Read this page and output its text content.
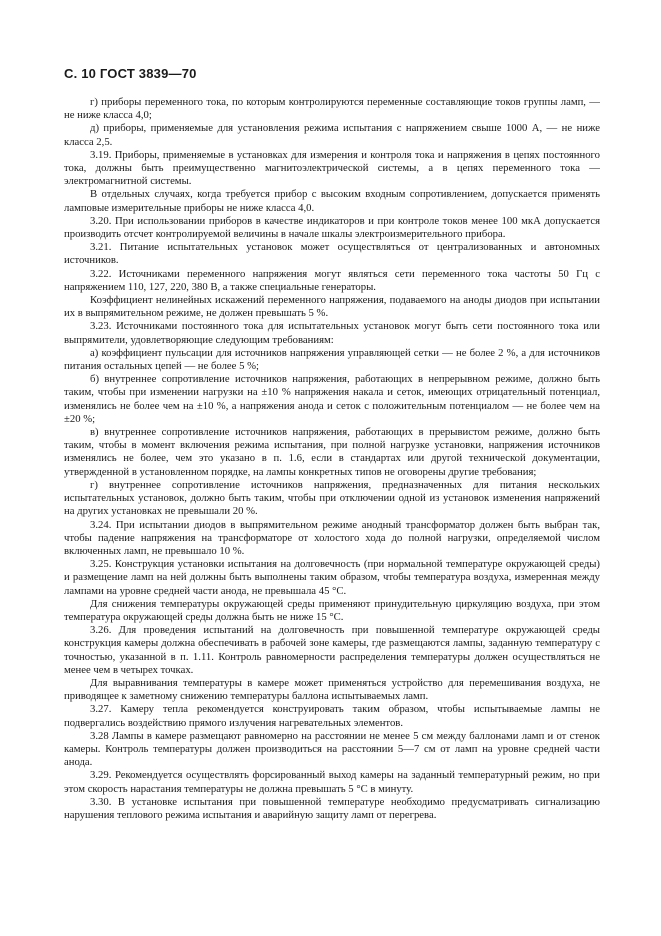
С. 10 ГОСТ 3839—70

г) приборы переменного тока, по которым контролируются переменные составляющие токов группы ламп, — не ниже класса 4,0;

д) приборы, применяемые для установления режима испытания с напряжением свыше 1000 А, — не ниже класса 2,5.

3.19. Приборы, применяемые в установках для измерения и контроля тока и напряжения в цепях постоянного тока, должны быть преимущественно магнитоэлектрической системы, а в цепях переменного тока — электромагнитной системы.

В отдельных случаях, когда требуется прибор с высоким входным сопротивлением, допускается применять ламповые измерительные приборы не ниже класса 4,0.

3.20. При использовании приборов в качестве индикаторов и при контроле токов менее 100 мкА допускается производить отсчет контролируемой величины в начале шкалы электроизмерительного прибора.

3.21. Питание испытательных установок может осуществляться от централизованных и автономных источников.

3.22. Источниками переменного напряжения могут являться сети переменного тока частоты 50 Гц с напряжением 110, 127, 220, 380 В, а также специальные генераторы.

Коэффициент нелинейных искажений переменного напряжения, подаваемого на аноды диодов при испытании их в выпрямительном режиме, не должен превышать 5 %.

3.23. Источниками постоянного тока для испытательных установок могут быть сети постоянного тока или выпрямители, удовлетворяющие следующим требованиям:

а) коэффициент пульсации для источников напряжения управляющей сетки — не более 2 %, а для источников питания остальных цепей — не более 5 %;

б) внутреннее сопротивление источников напряжения, работающих в непрерывном режиме, должно быть таким, чтобы при изменении нагрузки на ±10 % напряжения накала и сеток, имеющих отрицательный потенциал, изменялись не более чем на ±10 %, а напряжения анода и сеток с положительным потенциалом — не более чем на ±20 %;

в) внутреннее сопротивление источников напряжения, работающих в прерывистом режиме, должно быть таким, чтобы в момент включения режима испытания, при полной нагрузке установки, напряжения источников изменялись не более, чем это указано в п. 1.6, если в стандартах или другой технической документации, утвержденной в установленном порядке, на лампы конкретных типов не оговорены другие требования;

г) внутреннее сопротивление источников напряжения, предназначенных для питания нескольких испытательных установок, должно быть таким, чтобы при отключении одной из установок изменения напряжений на других установках не превышали 20 %.

3.24. При испытании диодов в выпрямительном режиме анодный трансформатор должен быть выбран так, чтобы падение напряжения на трансформаторе от холостого хода до полной нагрузки, определяемой числом включенных ламп, не превышало 10 %.

3.25. Конструкция установки испытания на долговечность (при нормальной температуре окружающей среды) и размещение ламп на ней должны быть выполнены таким образом, чтобы температура воздуха, измеренная между лампами на уровне средней части анода, не превышала 45 °С.

Для снижения температуры окружающей среды применяют принудительную циркуляцию воздуха, при этом температура окружающей среды должна быть не ниже 15 °С.

3.26. Для проведения испытаний на долговечность при повышенной температуре окружающей среды конструкция камеры должна обеспечивать в рабочей зоне камеры, где размещаются лампы, заданную температуру с точностью, указанной в п. 1.11. Контроль равномерности распределения температуры должен осуществляться не менее чем в четырех точках.

Для выравнивания температуры в камере может применяться устройство для перемешивания воздуха, не приводящее к заметному снижению температуры баллона испытываемых ламп.

3.27. Камеру тепла рекомендуется конструировать таким образом, чтобы испытываемые лампы не подвергались воздействию прямого излучения нагревательных элементов.

3.28 Лампы в камере размещают равномерно на расстоянии не менее 5 см между баллонами ламп и от стенок камеры. Контроль температуры должен производиться на расстоянии 5—7 см от ламп на уровне средней части анода.

3.29. Рекомендуется осуществлять форсированный выход камеры на заданный температурный режим, но при этом скорость нарастания температуры не должна превышать 5 °С в минуту.

3.30. В установке испытания при повышенной температуре необходимо предусматривать сигнализацию нарушения теплового режима испытания и аварийную защиту ламп от перегрева.
